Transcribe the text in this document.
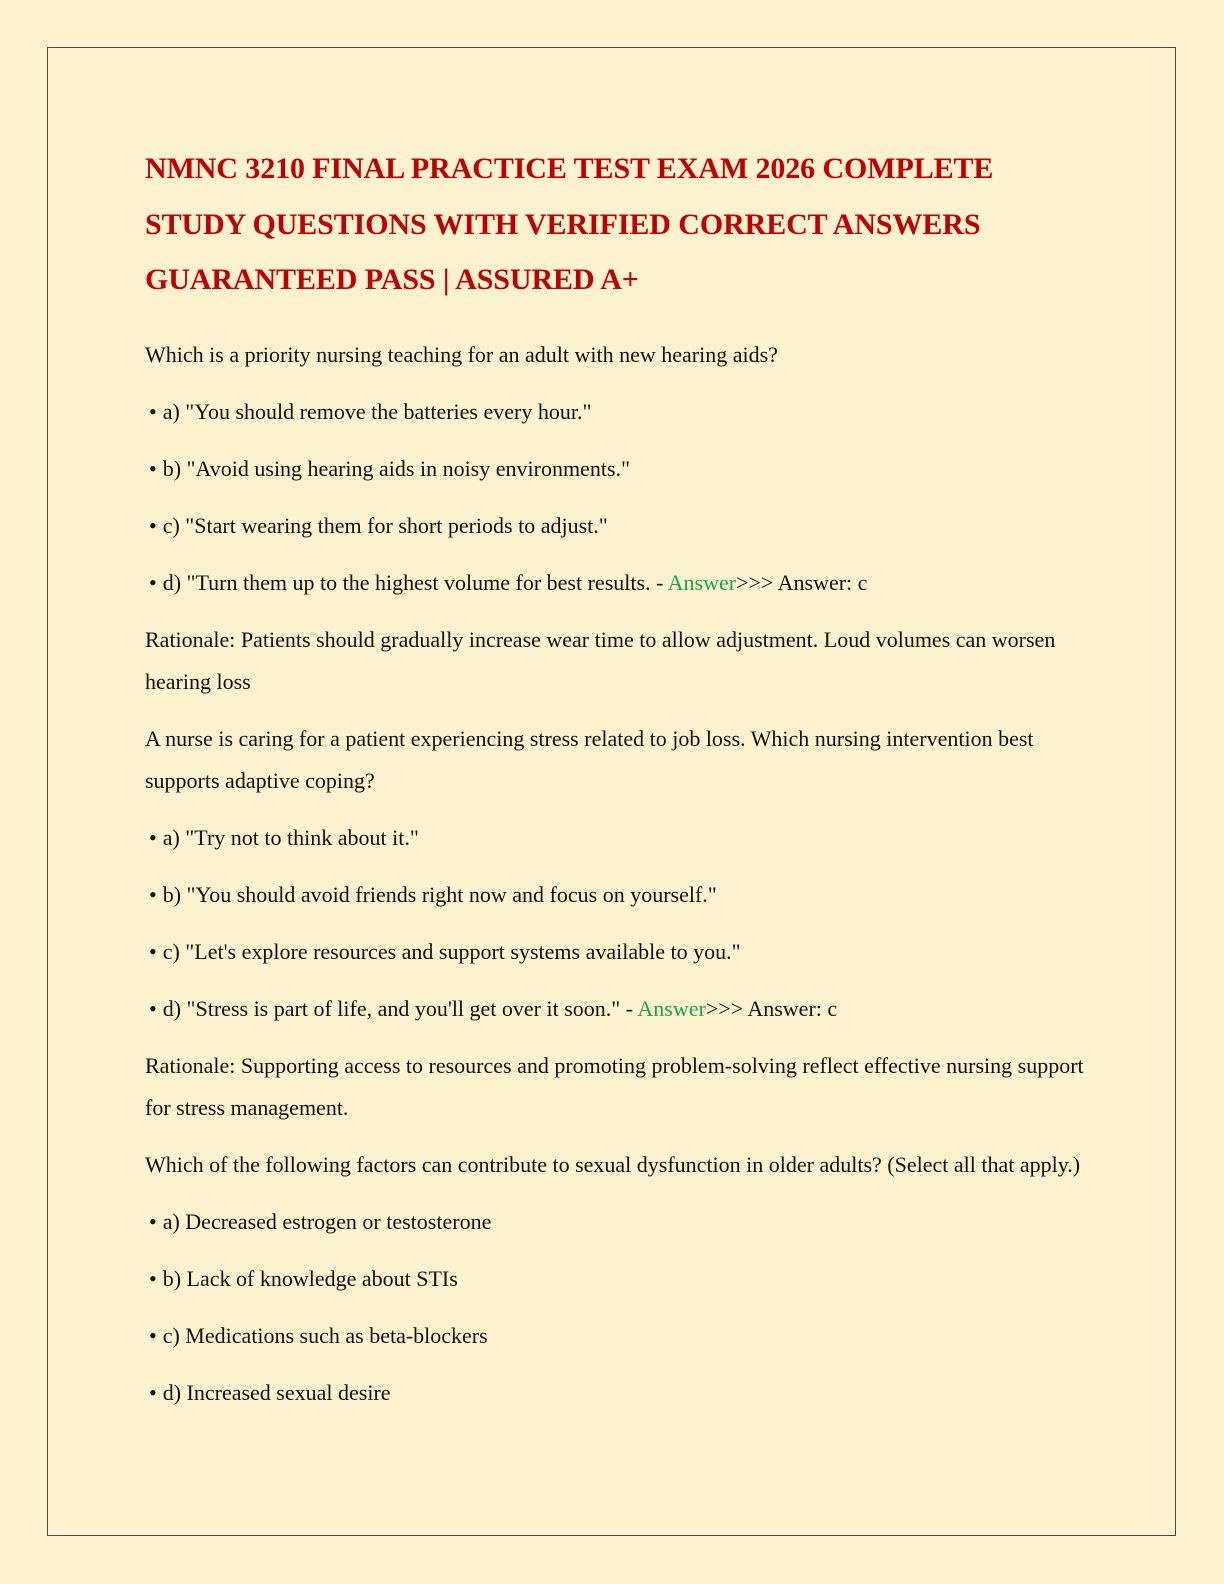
NMNC 3210 FINAL PRACTICE TEST EXAM 2026 COMPLETE
STUDY QUESTIONS WITH VERIFIED CORRECT ANSWERS
GUARANTEED PASS | ASSURED A+

Which is a priority nursing teaching for an adult with new hearing aids?

• a) "You should remove the batteries every hour."

• b) "Avoid using hearing aids in noisy environments."

• c) "Start wearing them for short periods to adjust."

• d) "Turn them up to the highest volume for best results. - Answer>>> Answer: c

Rationale: Patients should gradually increase wear time to allow adjustment. Loud volumes can worsen hearing loss

A nurse is caring for a patient experiencing stress related to job loss. Which nursing intervention best supports adaptive coping?

• a) "Try not to think about it."

• b) "You should avoid friends right now and focus on yourself."

• c) "Let's explore resources and support systems available to you."

• d) "Stress is part of life, and you'll get over it soon." - Answer>>> Answer: c

Rationale: Supporting access to resources and promoting problem-solving reflect effective nursing support for stress management.

Which of the following factors can contribute to sexual dysfunction in older adults? (Select all that apply.)

• a) Decreased estrogen or testosterone

• b) Lack of knowledge about STIs

• c) Medications such as beta-blockers

• d) Increased sexual desire
